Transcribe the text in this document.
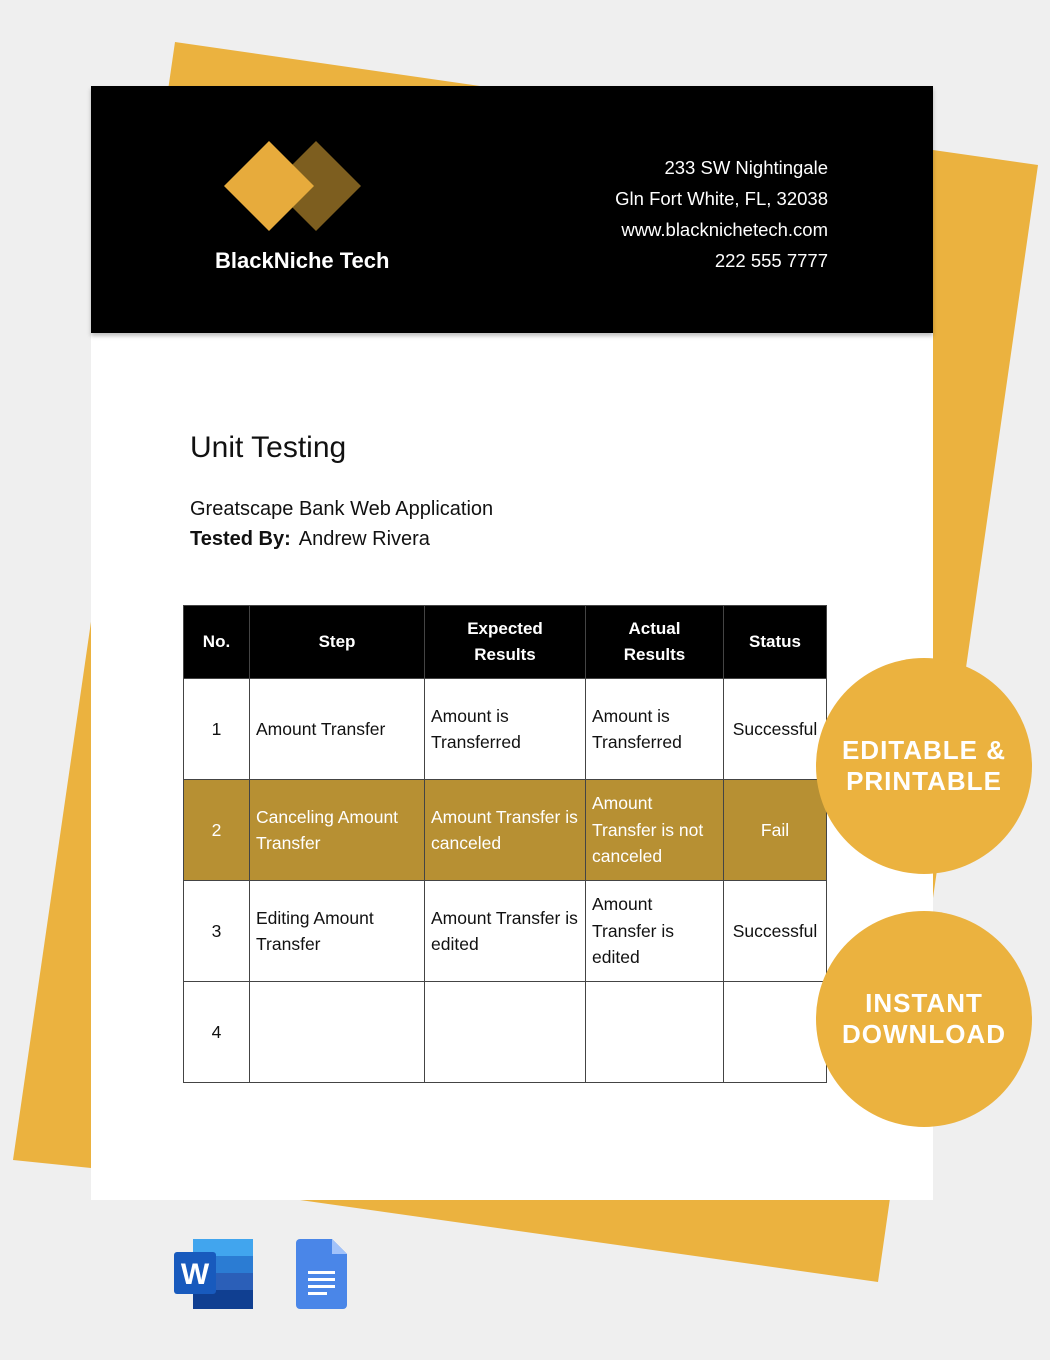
BlackNiche Tech
233 SW Nightingale
Gln Fort White, FL, 32038
www.blacknichetech.com
222 555 7777
Unit Testing
Greatscape Bank Web Application
Tested By: Andrew Rivera
No.	Step	Expected Results	Actual Results	Status
1	Amount Transfer	Amount is Transferred	Amount is Transferred	Successful
2	Canceling Amount Transfer	Amount Transfer is canceled	Amount Transfer is not canceled	Fail
3	Editing Amount Transfer	Amount Transfer is edited	Amount Transfer is edited	Successful
4				
EDITABLE & PRINTABLE
INSTANT DOWNLOAD
W
